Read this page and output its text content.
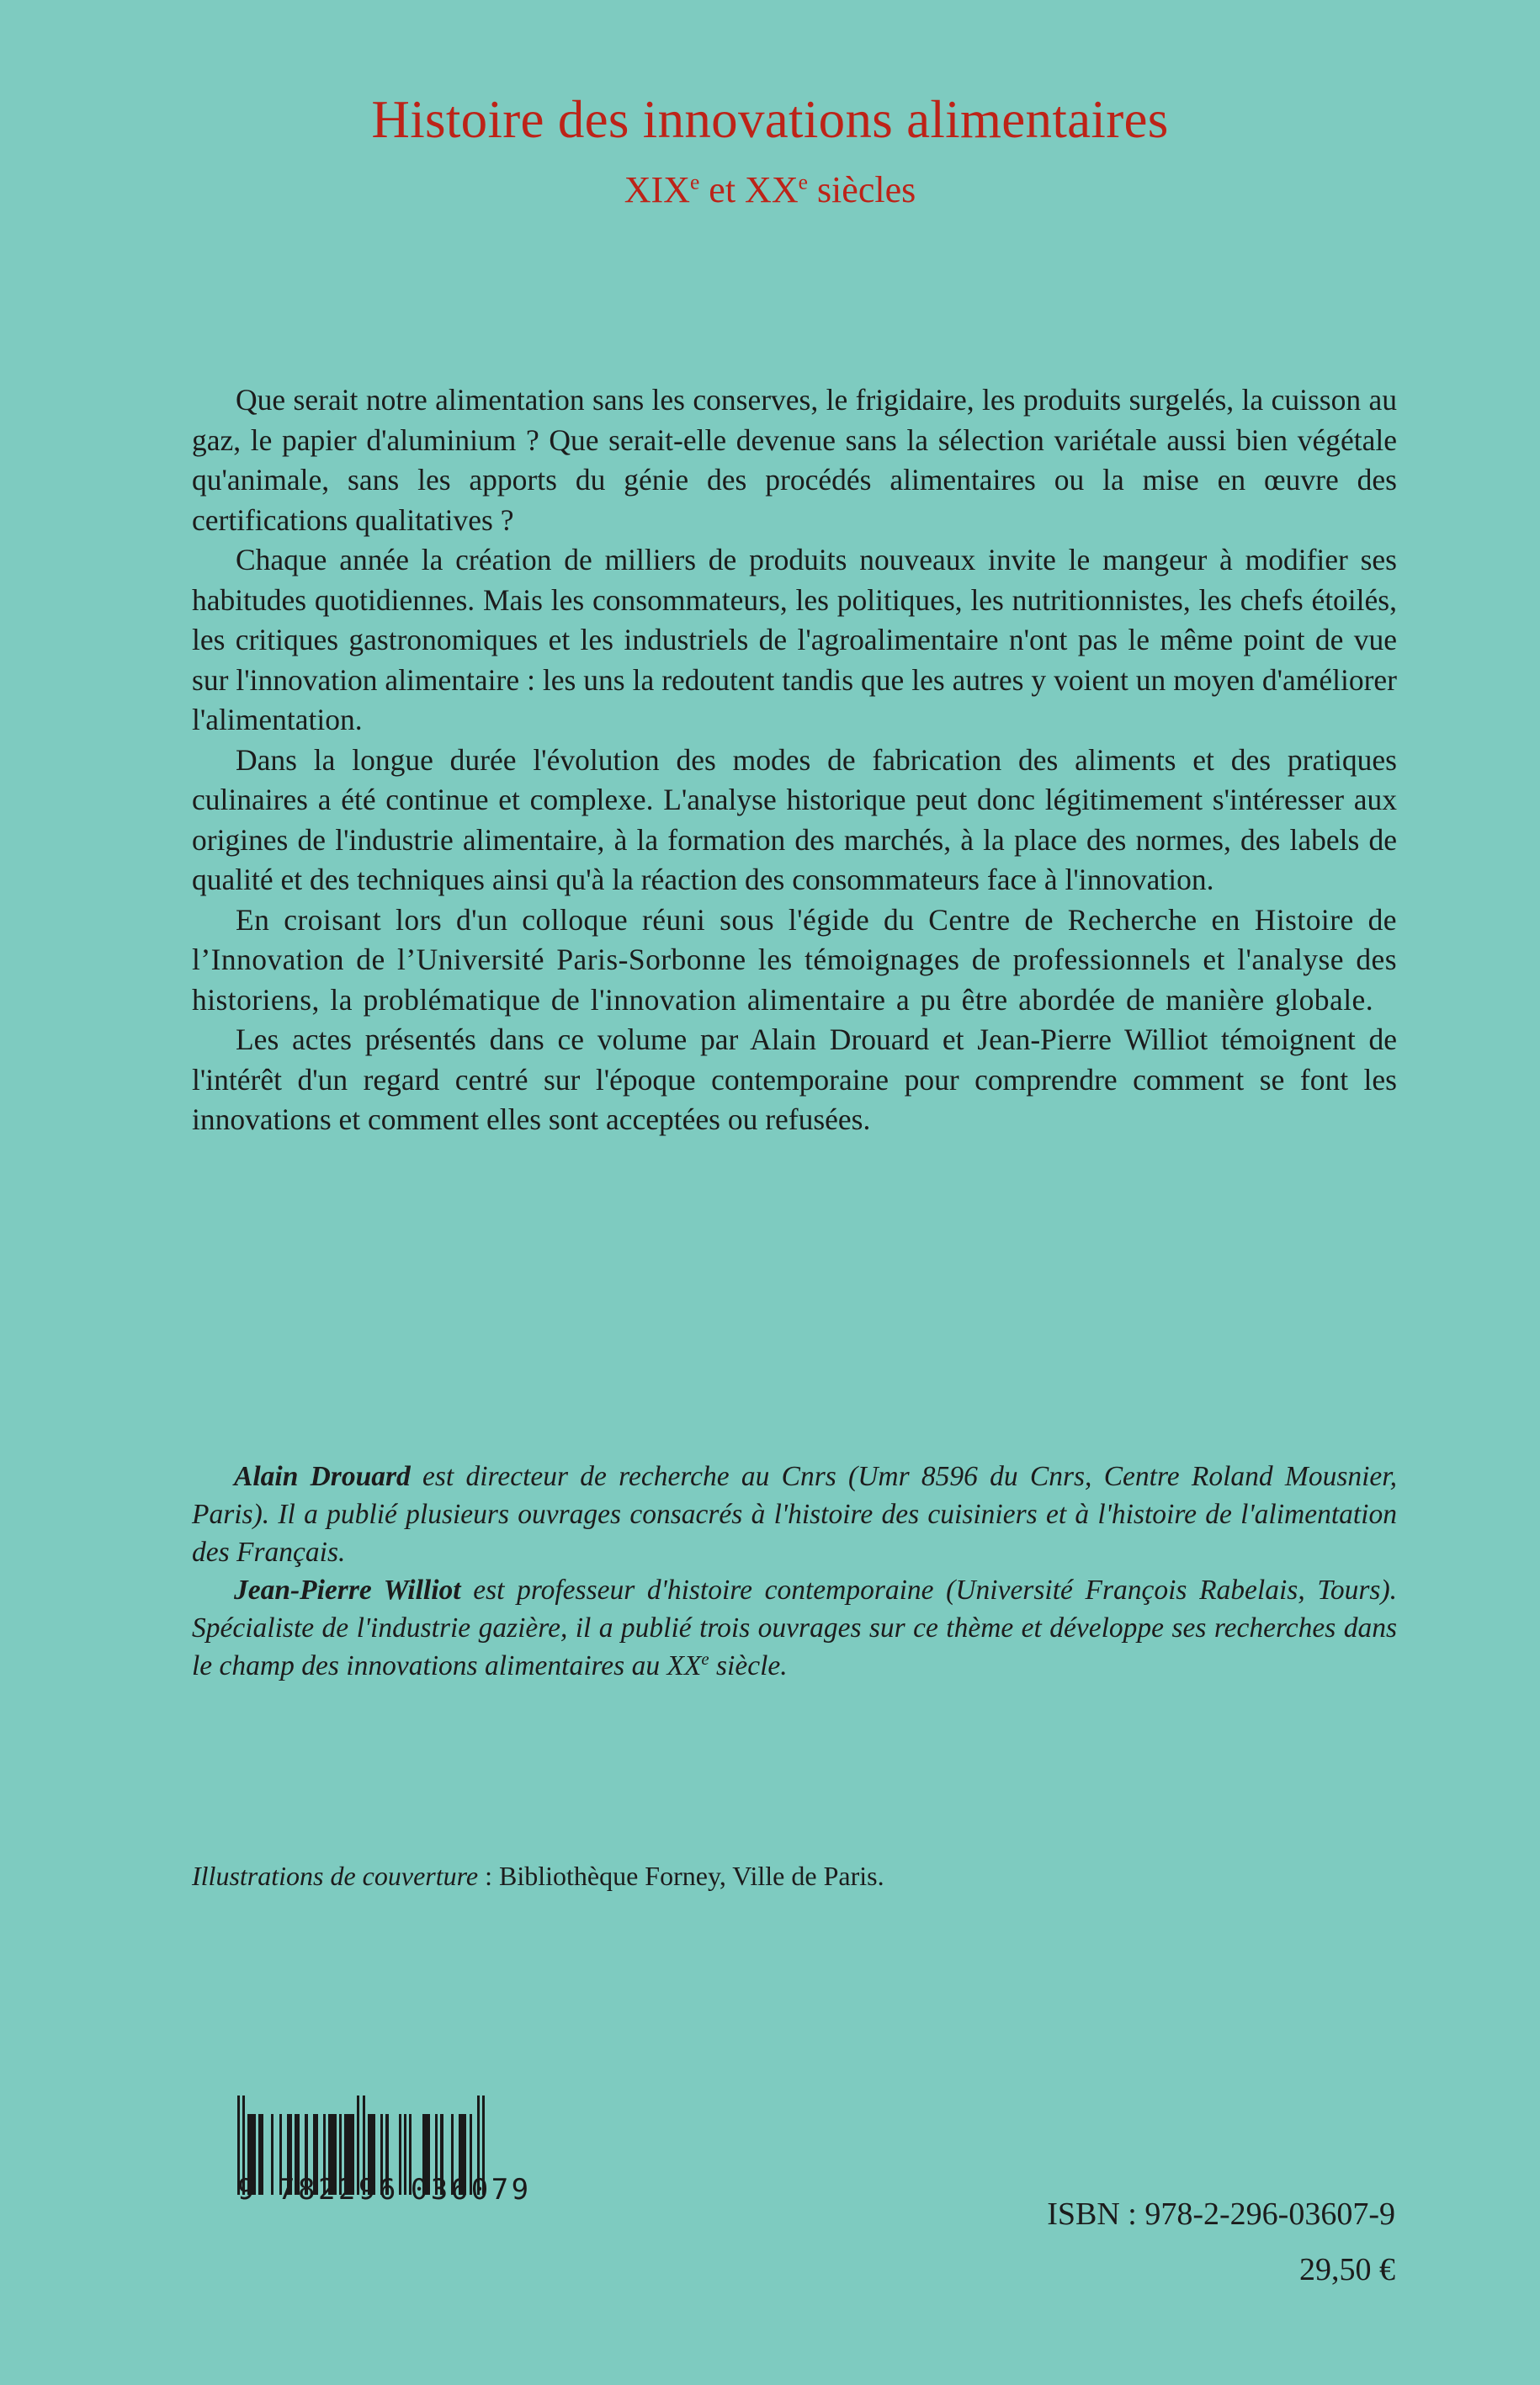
Histoire des innovations alimentaires
XIXe et XXe siècles

Que serait notre alimentation sans les conserves, le frigidaire, les produits surgelés, la cuisson au gaz, le papier d'aluminium ? Que serait-elle devenue sans la sélection variétale aussi bien végétale qu'animale, sans les apports du génie des procédés alimentaires ou la mise en œuvre des certifications qualitatives ?

Chaque année la création de milliers de produits nouveaux invite le mangeur à modifier ses habitudes quotidiennes. Mais les consommateurs, les politiques, les nutritionnistes, les chefs étoilés, les critiques gastronomiques et les industriels de l'agroalimentaire n'ont pas le même point de vue sur l'innovation alimentaire : les uns la redoutent tandis que les autres y voient un moyen d'améliorer l'alimentation.

Dans la longue durée l'évolution des modes de fabrication des aliments et des pratiques culinaires a été continue et complexe. L'analyse historique peut donc légitimement s'intéresser aux origines de l'industrie alimentaire, à la formation des marchés, à la place des normes, des labels de qualité et des techniques ainsi qu'à la réaction des consommateurs face à l'innovation.

En croisant lors d'un colloque réuni sous l'égide du Centre de Recherche en Histoire de l’Innovation de l’Université Paris-Sorbonne les témoignages de professionnels et l'analyse des historiens, la problématique de l'innovation alimentaire a pu être abordée de manière globale.

Les actes présentés dans ce volume par Alain Drouard et Jean-Pierre Williot témoignent de l'intérêt d'un regard centré sur l'époque contemporaine pour comprendre comment se font les innovations et comment elles sont acceptées ou refusées.

Alain Drouard est directeur de recherche au Cnrs (Umr 8596 du Cnrs, Centre Roland Mousnier, Paris). Il a publié plusieurs ouvrages consacrés à l'histoire des cuisiniers et à l'histoire de l'alimentation des Français.

Jean-Pierre Williot est professeur d'histoire contemporaine (Université François Rabelais, Tours). Spécialiste de l'industrie gazière, il a publié trois ouvrages sur ce thème et développe ses recherches dans le champ des innovations alimentaires au XXe siècle.

Illustrations de couverture : Bibliothèque Forney, Ville de Paris.
9 782296 036079
ISBN : 978-2-296-03607-9
29,50 €
